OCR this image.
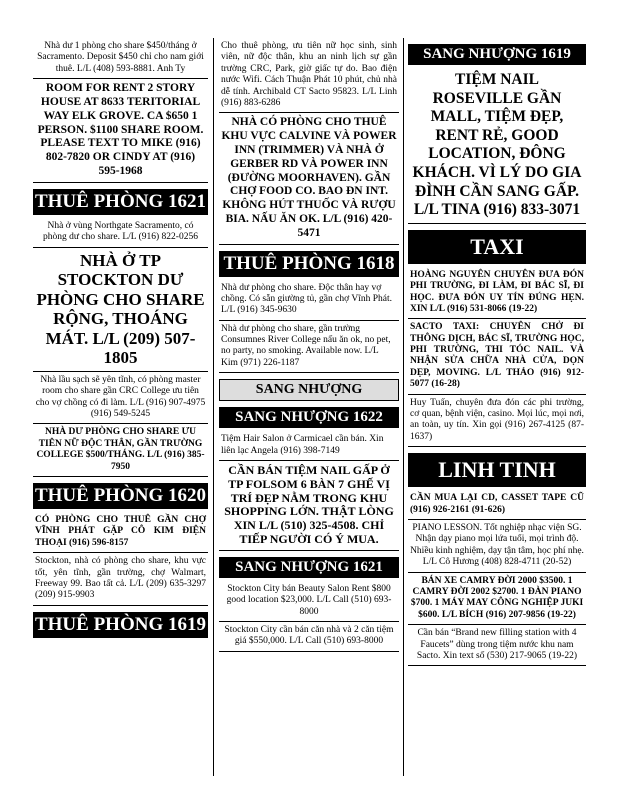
Nhà dư 1 phòng cho share $450/tháng ở Sacramento. Deposit $450 chỉ cho nam giới thuê. L/L (408) 593-8881. Anh Ty
ROOM FOR RENT 2 STORY HOUSE AT 8633 TERITORIAL WAY ELK GROVE. CA $650 1 PERSON. $1100 SHARE ROOM. PLEASE TEXT TO MIKE (916) 802-7820 OR CINDY AT (916) 595-1968
THUÊ PHÒNG 1621
Nhà ở vùng Northgate Sacramento, có phòng dư cho share. L/L (916) 822-0256
NHÀ Ở TP STOCKTON DƯ PHÒNG CHO SHARE RỘNG, THOÁNG MÁT. L/L (209) 507-1805
Nhà lầu sạch sẽ yên tĩnh, có phòng master room cho share gần CRC College ưu tiên cho vợ chồng có đi làm. L/L (916) 907-4975 (916) 549-5245
NHÀ DƯ PHÒNG CHO SHARE ƯU TIÊN NỮ ĐỘC THÂN, GẦN TRƯỜNG COLLEGE $500/THÁNG. L/L (916) 385-7950
THUÊ PHÒNG 1620
CÓ PHÒNG CHO THUÊ GẦN CHỢ VĨNH PHÁT GẶP CÔ KIM ĐIỆN THOẠI (916) 596-8157
Stockton, nhà có phòng cho share, khu vực tốt, yên tĩnh, gần trường, chợ Walmart, Freeway 99. Bao tất cả. L/L (209) 635-3297 (209) 915-9903
THUÊ PHÒNG 1619
Cho thuê phòng, ưu tiên nữ học sinh, sinh viên, nữ độc thân, khu an ninh lịch sự gần trường CRC, Park, giờ giấc tự do. Bao điện nước Wifi. Cách Thuận Phát 10 phút, chủ nhà dễ tính. Archibald CT Sacto 95823. L/L Linh (916) 883-6286
NHÀ CÓ PHÒNG CHO THUÊ KHU VỰC CALVINE VÀ POWER INN (TRIMMER) VÀ NHÀ Ở GERBER RD VÀ POWER INN (ĐƯỜNG MOORHAVEN). GẦN CHỢ FOOD CO. BAO ĐN INT. KHÔNG HÚT THUỐC VÀ RƯỢU BIA. NẤU ĂN OK. L/L (916) 420-5471
THUÊ PHÒNG 1618
Nhà dư phòng cho share. Độc thân hay vợ chồng. Có sẵn giường tủ, gần chợ Vĩnh Phát. L/L (916) 345-9630
Nhà dư phòng cho share, gần trường Consumnes River College nấu ăn ok, no pet, no party, no smoking. Available now. L/L Kim (971) 226-1187
SANG NHƯỢNG
SANG NHƯỢNG 1622
Tiệm Hair Salon ở Carmicael cần bán. Xin liên lạc Angela (916) 398-7149
CẦN BÁN TIỆM NAIL GẤP Ở TP FOLSOM 6 BÀN 7 GHẾ VỊ TRÍ ĐẸP NẰM TRONG KHU SHOPPING LỚN. THẬT LÒNG XIN L/L (510) 325-4508. CHỈ TIẾP NGƯỜI CÓ Ý MUA.
SANG NHƯỢNG 1621
Stockton City bán Beauty Salon Rent $800 good location $23,000. L/L Call (510) 693-8000
Stockton City cần bán căn nhà và 2 căn tiệm giá $550,000. L/L Call (510) 693-8000
SANG NHƯỢNG 1619
TIỆM NAIL ROSEVILLE GẦN MALL, TIỆM ĐẸP, RENT RẺ, GOOD LOCATION, ĐÔNG KHÁCH. VÌ LÝ DO GIA ĐÌNH CẦN SANG GẤP. L/L TINA (916) 833-3071
TAXI
HOÀNG NGUYÊN CHUYÊN ĐƯA ĐÓN PHI TRƯỜNG, ĐI LÀM, ĐI BÁC SĨ, ĐI HỌC. ĐƯA ĐÓN UY TÍN ĐÚNG HẸN. XIN L/L (916) 531-8066 (19-22)
SACTO TAXI: CHUYÊN CHỞ ĐI THÔNG DỊCH, BÁC SĨ, TRƯỜNG HỌC, PHI TRƯỜNG, THI TÓC NAIL. VÀ NHẬN SỬA CHỮA NHÀ CỬA, DỌN DẸP, MOVING. L/L THẢO (916) 912-5077 (16-28)
Huy Tuấn, chuyên đưa đón các phi trường, cơ quan, bệnh viện, casino. Mọi lúc, mọi nơi, an toàn, uy tín. Xin gọi (916) 267-4125 (87-1637)
LINH TINH
CẦN MUA LẠI CD, CASSET TAPE CŨ (916) 926-2161 (91-626)
PIANO LESSON. Tốt nghiệp nhạc viện SG. Nhận dạy piano mọi lứa tuổi, mọi trình độ. Nhiều kinh nghiệm, dạy tận tâm, học phí nhẹ. L/L Cô Hương (408) 828-4711 (20-52)
BÁN XE CAMRY ĐỜI 2000 $3500. 1 CAMRY ĐỜI 2002 $2700. 1 ĐÀN PIANO $700. 1 MÁY MAY CÔNG NGHIỆP JUKI $600. L/L BÍCH (916) 207-9856 (19-22)
Cần bán “Brand new filling station with 4 Faucets” dùng trong tiệm nước khu nam Sacto. Xin text số (530) 217-9065 (19-22)
